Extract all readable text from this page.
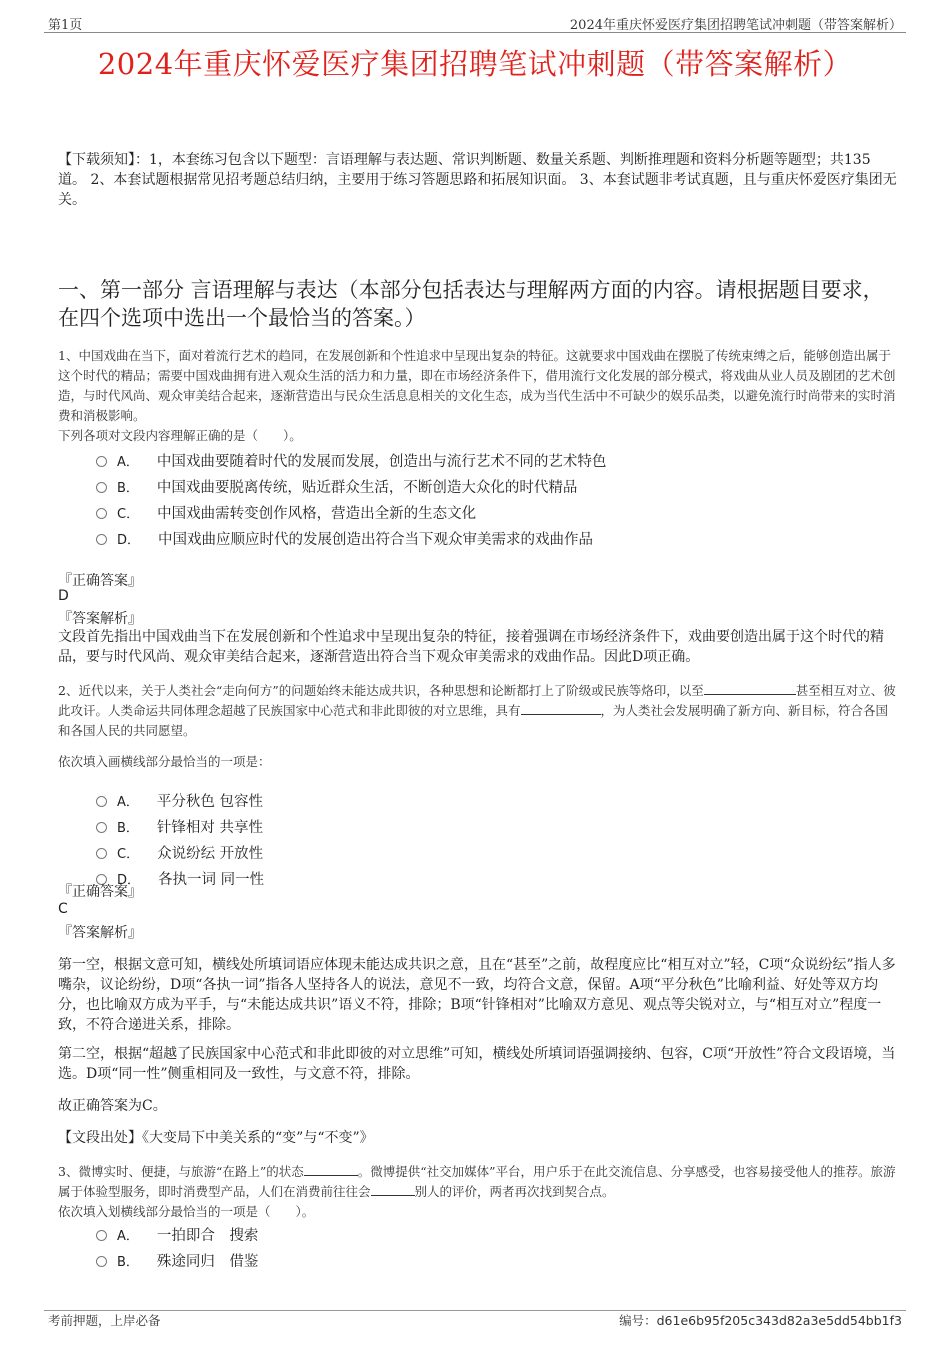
第1页	2024年重庆怀爱医疗集团招聘笔试冲刺题（带答案解析）
2024年重庆怀爱医疗集团招聘笔试冲刺题（带答案解析）
【下载须知】：1，本套练习包含以下题型：言语理解与表达题、常识判断题、数量关系题、判断推理题和资料分析题等题型；共135道。 2、本套试题根据常见招考题总结归纳，主要用于练习答题思路和拓展知识面。 3、本套试题非考试真题，且与重庆怀爱医疗集团无关。
一、第一部分 言语理解与表达（本部分包括表达与理解两方面的内容。请根据题目要求，在四个选项中选出一个最恰当的答案。）
1、中国戏曲在当下，面对着流行艺术的趋同，在发展创新和个性追求中呈现出复杂的特征。这就要求中国戏曲在摆脱了传统束缚之后，能够创造出属于这个时代的精品；需要中国戏曲拥有进入观众生活的活力和力量，即在市场经济条件下，借用流行文化发展的部分模式，将戏曲从业人员及剧团的艺术创造，与时代风尚、观众审美结合起来，逐渐营造出与民众生活息息相关的文化生态，成为当代生活中不可缺少的娱乐品类，以避免流行时尚带来的实时消费和消极影响。
下列各项对文段内容理解正确的是（　　）。
A． 中国戏曲要随着时代的发展而发展，创造出与流行艺术不同的艺术特色
B． 中国戏曲要脱离传统，贴近群众生活，不断创造大众化的时代精品
C． 中国戏曲需转变创作风格，营造出全新的生态文化
D． 中国戏曲应顺应时代的发展创造出符合当下观众审美需求的戏曲作品
『正确答案』
D
『答案解析』
文段首先指出中国戏曲当下在发展创新和个性追求中呈现出复杂的特征，接着强调在市场经济条件下，戏曲要创造出属于这个时代的精品，要与时代风尚、观众审美结合起来，逐渐营造出符合当下观众审美需求的戏曲作品。因此D项正确。
2、近代以来，关于人类社会“走向何方”的问题始终未能达成共识，各种思想和论断都打上了阶级或民族等烙印，以至	甚至相互对立、彼此攻讦。人类命运共同体理念超越了民族国家中心范式和非此即彼的对立思维，具有	，为人类社会发展明确了新方向、新目标，符合各国和各国人民的共同愿望。
依次填入画横线部分最恰当的一项是：
A． 平分秋色 包容性
B． 针锋相对 共享性
C． 众说纷纭 开放性
D． 各执一词 同一性
『正确答案』
C
『答案解析』
第一空，根据文意可知，横线处所填词语应体现未能达成共识之意，且在“甚至”之前，故程度应比“相互对立”轻，C项“众说纷纭”指人多嘴杂，议论纷纷，D项“各执一词”指各人坚持各人的说法，意见不一致，均符合文意，保留。A项“平分秋色”比喻利益、好处等双方均分，也比喻双方成为平手，与“未能达成共识”语义不符，排除；B项“针锋相对”比喻双方意见、观点等尖锐对立，与“相互对立”程度一致，不符合递进关系，排除。
第二空，根据“超越了民族国家中心范式和非此即彼的对立思维”可知，横线处所填词语强调接纳、包容，C项“开放性”符合文段语境，当选。D项“同一性”侧重相同及一致性，与文意不符，排除。
故正确答案为C。
【文段出处】《大变局下中美关系的“变”与“不变”》
3、微博实时、便捷，与旅游“在路上”的状态	。微博提供“社交加媒体”平台，用户乐于在此交流信息、分享感受，也容易接受他人的推荐。旅游属于体验型服务，即时消费型产品，人们在消费前往往会	别人的评价，两者再次找到契合点。
依次填入划横线部分最恰当的一项是（　　）。
A． 一拍即合　搜索
B． 殊途同归　借鉴
考前押题，上岸必备	编号：d61e6b95f205c343d82a3e5dd54bb1f3
